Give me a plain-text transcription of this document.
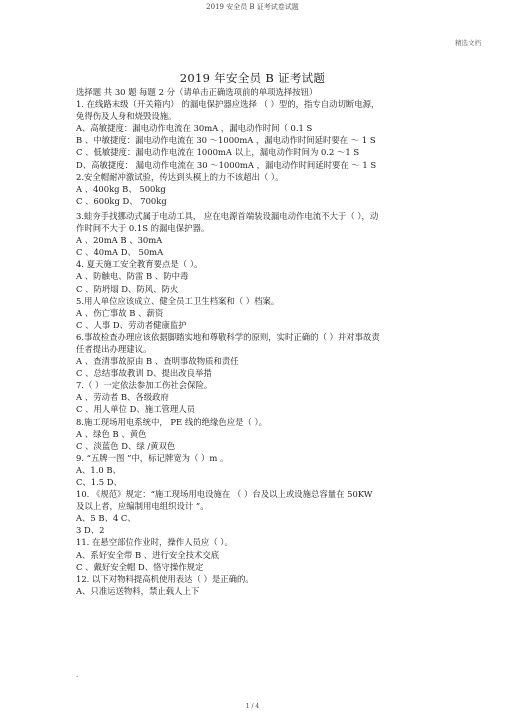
2019 安全员 B 证考试卷试题
精选文档
2019 年安全员 B 证考试题
选择题 共 30 题 每题 2 分（请单击正确选项前的单项选择按钮）
1. 在线路末级（开关箱内） 的漏电保护器应选择 （ ）型的，指专自动切断电源，
免得伤及人身和烧毁设施。
A、高敏捷度：漏电动作电流在 30mA ，漏电动作时间（ 0.1 S
B 、中敏捷度：漏电动作电流在 30 ～1000mA ，漏电动作时间延时要在 ～ 1 S
C 、低敏捷度：漏电动作电流在 1000mA 以上，漏电动作时间为 0.2 ～1 S
D、高敏捷度： 漏电动作电流在 30 ～1000mA ，漏电动作时间延时要在 ～ 1 S
2.安全帽耐冲激试验，传达到头模上的力不该超出（ ）。
A 、400kg B、 500kg
C 、600kg D、 700kg
3.蛙夯手找挪动式属于电动工具， 应在电源首端装设漏电动作电流不大于（ ），动
作时间不大于 0.1S 的漏电保护器。
A 、20mA B 、30mA
C 、40mA D、 50mA
4. 夏天施工安全教育要点是（ ）。
A 、防触电、防雷 B 、防中毒
C 、防坍塌 D、防风、防火
5.用人单位应该成立、健全员工卫生档案和（ ）档案。
A 、伤亡事故 B 、薪资
C 、人事 D、劳动者健康监护
6.事故检查办理应该依据脚踏实地和尊敬科学的原则，实时正确的（ ）并对事故责
任者提出办理建议。
A 、查清事故原由 B 、查明事故物质和责任
C 、总结事故教训 D、提出改良举措
7.（ ）一定依法参加工伤社会保险。
A 、劳动者 B、各级政府
C 、用人单位 D、施工管理人员
8.施工现场用电系统中， PE 线的绝缘色应是（ ）。
A 、绿色 B 、黄色
C 、淡蓝色 D、绿 /黄双色
9. “五牌一图 ”中，标记牌宽为（ ）m 。
A、1.0 B、
C、1.5 D、
10. 《规范》规定：“施工现场用电设施在 （ ）台及以上或设施总容量在 50KW
及以上者，应编制用电组织设计 ”。
A、5 B、4 C、
3 D、2
11. 在悬空部位作业时，操作人员应（ ）。
A、系好安全带 B 、进行安全技术交底
C 、戴好安全帽 D、恪守操作规定
12. 以下对物料提高机使用表达（ ）是正确的。
A、只准运送物料，禁止载人上下
.
1 / 4
